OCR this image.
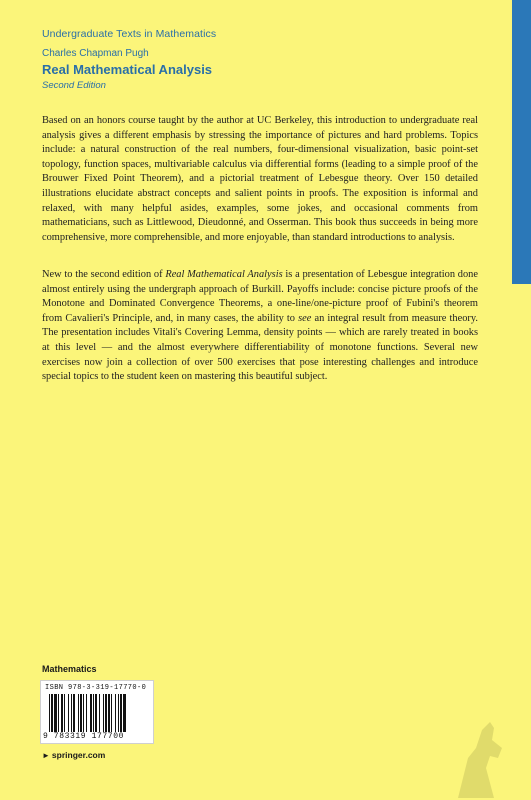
Undergraduate Texts in Mathematics
Charles Chapman Pugh
Real Mathematical Analysis
Second Edition

Based on an honors course taught by the author at UC Berkeley, this introduction to undergraduate real analysis gives a different emphasis by stressing the importance of pictures and hard problems. Topics include: a natural construction of the real numbers, four-dimensional visualization, basic point-set topology, function spaces, multivariable calculus via differential forms (leading to a simple proof of the Brouwer Fixed Point Theorem), and a pictorial treatment of Lebesgue theory. Over 150 detailed illustrations elucidate abstract concepts and salient points in proofs. The exposition is informal and relaxed, with many helpful asides, examples, some jokes, and occasional comments from mathematicians, such as Littlewood, Dieudonné, and Osserman. This book thus succeeds in being more comprehensive, more comprehensible, and more enjoyable, than standard introductions to analysis.

New to the second edition of Real Mathematical Analysis is a presentation of Lebesgue integration done almost entirely using the undergraph approach of Burkill. Payoffs include: concise picture proofs of the Monotone and Dominated Convergence Theorems, a one-line/one-picture proof of Fubini's theorem from Cavalieri's Principle, and, in many cases, the ability to see an integral result from measure theory. The presentation includes Vitali's Covering Lemma, density points — which are rarely treated in books at this level — and the almost everywhere differentiability of monotone functions. Several new exercises now join a collection of over 500 exercises that pose interesting challenges and introduce special topics to the student keen on mastering this beautiful subject.

Mathematics
ISBN 978-3-319-17770-0
9 783319 177700
► springer.com
